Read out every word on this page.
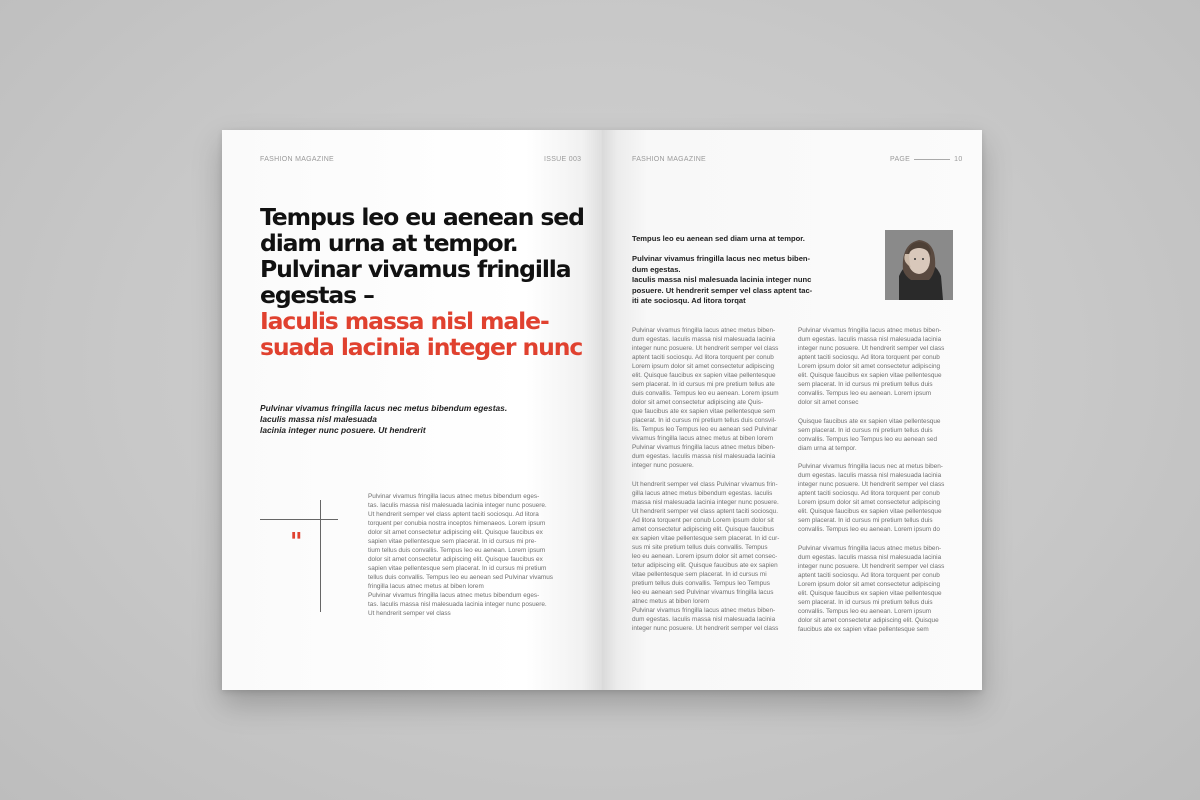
FASHION MAGAZINE	ISSUE 003
Tempus leo eu aenean sed
diam urna at tempor.
Pulvinar vivamus fringilla
egestas –
Iaculis massa nisl male-
suada lacinia integer nunc
Pulvinar vivamus fringilla lacus nec metus bibendum egestas.
Iaculis massa nisl malesuada
lacinia integer nunc posuere. Ut hendrerit
"
Pulvinar vivamus fringilla lacus atnec metus bibendum eges-
tas. Iaculis massa nisl malesuada lacinia integer nunc posuere.
Ut hendrerit semper vel class aptent taciti sociosqu. Ad litora
torquent per conubia nostra inceptos himenaeos. Lorem ipsum
dolor sit amet consectetur adipiscing elit. Quisque faucibus ex
sapien vitae pellentesque sem placerat. In id cursus mi pre-
tium tellus duis convallis. Tempus leo eu aenean. Lorem ipsum
dolor sit amet consectetur adipiscing elit. Quisque faucibus ex
sapien vitae pellentesque sem placerat. In id cursus mi pretium
tellus duis convallis. Tempus leo eu aenean sed Pulvinar vivamus
fringilla lacus atnec metus at biben lorem
Pulvinar vivamus fringilla lacus atnec metus bibendum eges-
tas. Iaculis massa nisl malesuada lacinia integer nunc posuere.
Ut hendrerit semper vel class
FASHION MAGAZINE	PAGE	10
Tempus leo eu aenean sed diam urna at tempor.
Pulvinar vivamus fringilla lacus nec metus biben-
dum egestas.
Iaculis massa nisl malesuada lacinia integer nunc
posuere. Ut hendrerit semper vel class aptent tac-
iti ate sociosqu. Ad litora torqat
Pulvinar vivamus fringilla lacus atnec metus biben-
dum egestas. Iaculis massa nisl malesuada lacinia
integer nunc posuere. Ut hendrerit semper vel class
aptent taciti sociosqu. Ad litora torquent per conub
Lorem ipsum dolor sit amet consectetur adipiscing
elit. Quisque faucibus ex sapien vitae pellentesque
sem placerat. In id cursus mi pre pretium tellus ate
duis convallis. Tempus leo eu aenean. Lorem ipsum
dolor sit amet consectetur adipiscing ate Quis-
que faucibus ate ex sapien vitae pellentesque sem
placerat. In id cursus mi pretium tellus duis consvil-
lis. Tempus leo Tempus leo eu aenean sed Pulvinar
vivamus fringilla lacus atnec metus at biben lorem
Pulvinar vivamus fringilla lacus atnec metus biben-
dum egestas. Iaculis massa nisl malesuada lacinia
integer nunc posuere.
Ut hendrerit semper vel class Pulvinar vivamus frin-
gilla lacus atnec metus bibendum egestas. Iaculis
massa nisl malesuada lacinia integer nunc posuere.
Ut hendrerit semper vel class aptent taciti sociosqu.
Ad litora torquent per conub Lorem ipsum dolor sit
amet consectetur adipiscing elit. Quisque faucibus
ex sapien vitae pellentesque sem placerat. In id cur-
sus mi site pretium tellus duis convallis. Tempus
leo eu aenean. Lorem ipsum dolor sit amet consec-
tetur adipiscing elit. Quisque faucibus ate ex sapien
vitae pellentesque sem placerat. In id cursus mi
pretium tellus duis convallis. Tempus leo Tempus
leo eu aenean sed Pulvinar vivamus fringilla lacus
atnec metus at biben lorem
Pulvinar vivamus fringilla lacus atnec metus biben-
dum egestas. Iaculis massa nisl malesuada lacinia
integer nunc posuere. Ut hendrerit semper vel class
Pulvinar vivamus fringilla lacus atnec metus biben-
dum egestas. Iaculis massa nisl malesuada lacinia
integer nunc posuere. Ut hendrerit semper vel class
aptent taciti sociosqu. Ad litora torquent per conub
Lorem ipsum dolor sit amet consectetur adipiscing
elit. Quisque faucibus ex sapien vitae pellentesque
sem placerat. In id cursus mi pretium tellus duis
convallis. Tempus leo eu aenean. Lorem ipsum
dolor sit amet consec
Quisque faucibus ate ex sapien vitae pellentesque
sem placerat. In id cursus mi pretium tellus duis
convallis. Tempus leo Tempus leo eu aenean sed
diam urna at tempor.
Pulvinar vivamus fringilla lacus nec at metus biben-
dum egestas. Iaculis massa nisl malesuada lacinia
integer nunc posuere. Ut hendrerit semper vel class
aptent taciti sociosqu. Ad litora torquent per conub
Lorem ipsum dolor sit amet consectetur adipiscing
elit. Quisque faucibus ex sapien vitae pellentesque
sem placerat. In id cursus mi pretium tellus duis
convallis. Tempus leo eu aenean. Lorem ipsum do
Pulvinar vivamus fringilla lacus atnec metus biben-
dum egestas. Iaculis massa nisl malesuada lacinia
integer nunc posuere. Ut hendrerit semper vel class
aptent taciti sociosqu. Ad litora torquent per conub
Lorem ipsum dolor sit amet consectetur adipiscing
elit. Quisque faucibus ex sapien vitae pellentesque
sem placerat. In id cursus mi pretium tellus duis
convallis. Tempus leo eu aenean. Lorem ipsum
dolor sit amet consectetur adipiscing elit. Quisque
faucibus ate ex sapien vitae pellentesque sem
